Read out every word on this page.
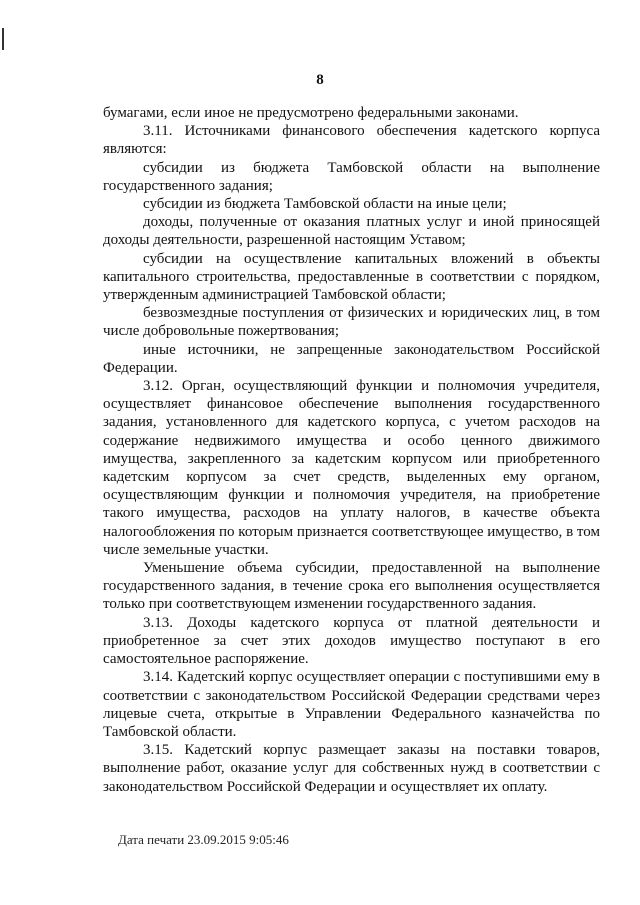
8

бумагами, если иное не предусмотрено федеральными законами.

3.11. Источниками финансового обеспечения кадетского корпуса являются:

субсидии из бюджета Тамбовской области на выполнение государственного задания;

субсидии из бюджета Тамбовской области на иные цели;

доходы, полученные от оказания платных услуг и иной приносящей доходы деятельности, разрешенной настоящим Уставом;

субсидии на осуществление капитальных вложений в объекты капитального строительства, предоставленные в соответствии с порядком, утвержденным администрацией Тамбовской области;

безвозмездные поступления от физических и юридических лиц, в том числе добровольные пожертвования;

иные источники, не запрещенные законодательством Российской Федерации.

3.12. Орган, осуществляющий функции и полномочия учредителя, осуществляет финансовое обеспечение выполнения государственного задания, установленного для кадетского корпуса, с учетом расходов на содержание недвижимого имущества и особо ценного движимого имущества, закрепленного за кадетским корпусом или приобретенного кадетским корпусом за счет средств, выделенных ему органом, осуществляющим функции и полномочия учредителя, на приобретение такого имущества, расходов на уплату налогов, в качестве объекта налогообложения по которым признается соответствующее имущество, в том числе земельные участки.

Уменьшение объема субсидии, предоставленной на выполнение государственного задания, в течение срока его выполнения осуществляется только при соответствующем изменении государственного задания.

3.13. Доходы кадетского корпуса от платной деятельности и приобретенное за счет этих доходов имущество поступают в его самостоятельное распоряжение.

3.14. Кадетский корпус осуществляет операции с поступившими ему в соответствии с законодательством Российской Федерации средствами через лицевые счета, открытые в Управлении Федерального казначейства по Тамбовской области.

3.15. Кадетский корпус размещает заказы на поставки товаров, выполнение работ, оказание услуг для собственных нужд в соответствии с законодательством Российской Федерации и осуществляет их оплату.

Дата печати 23.09.2015 9:05:46
